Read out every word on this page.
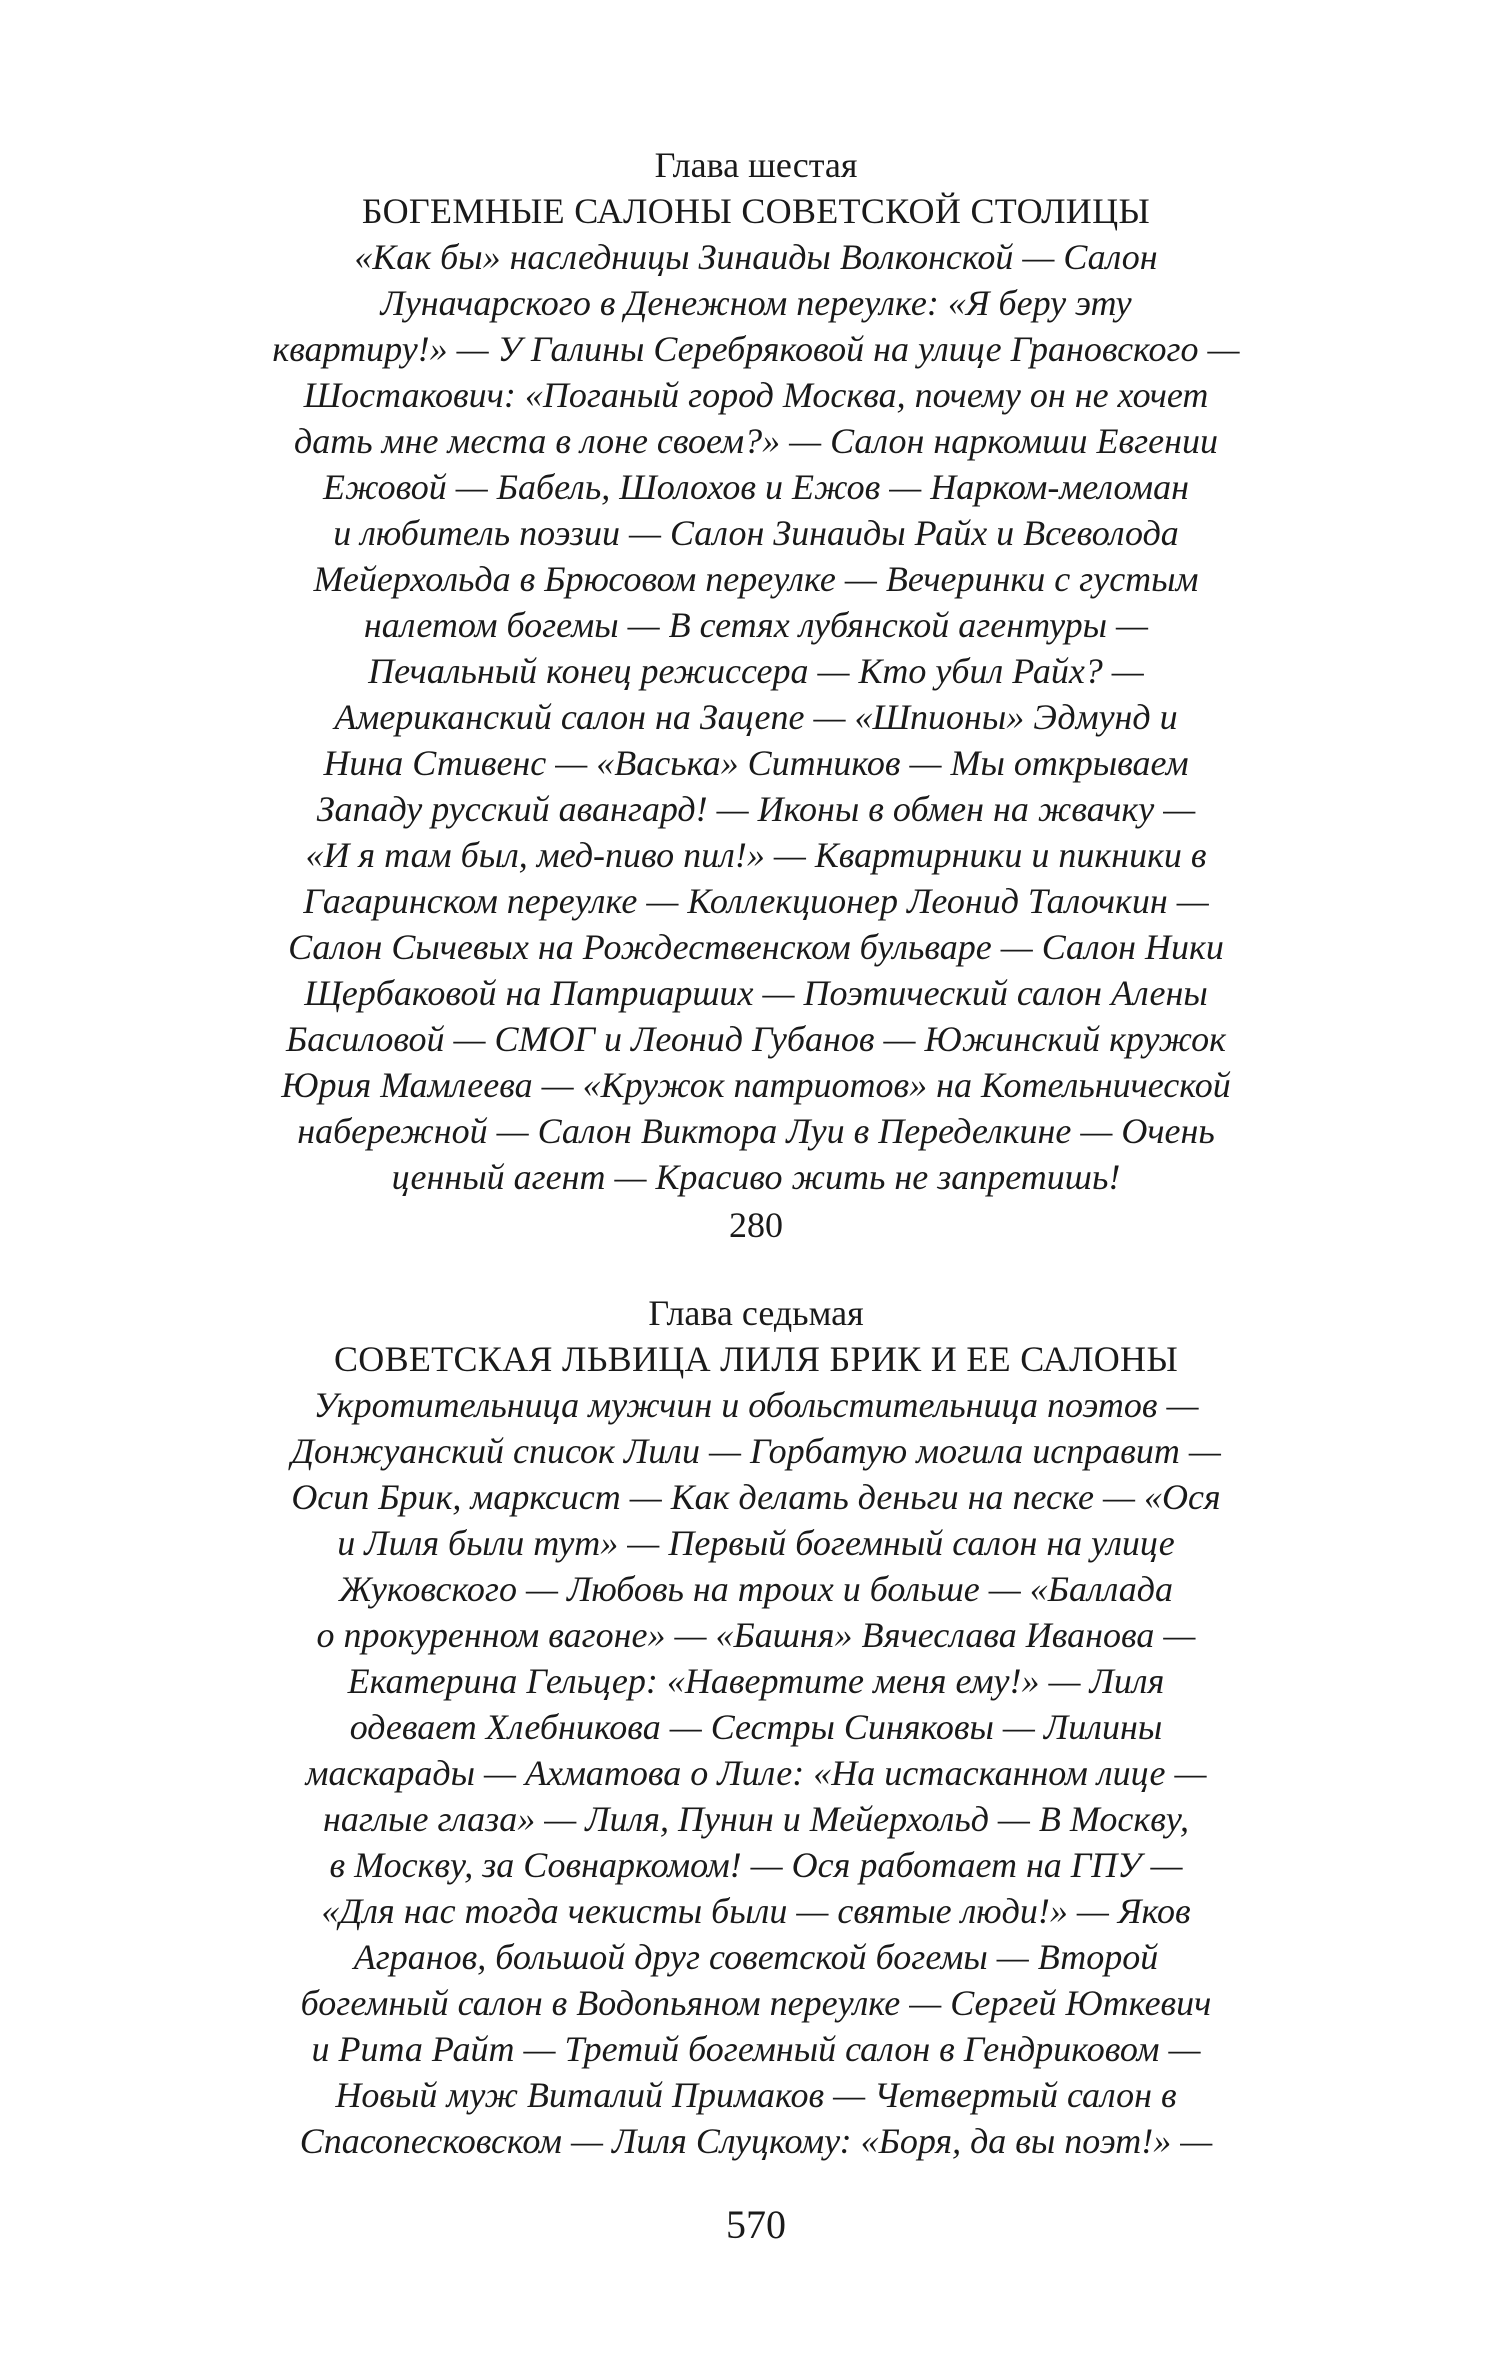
Глава шестая
БОГЕМНЫЕ САЛОНЫ СОВЕТСКОЙ СТОЛИЦЫ
«Как бы» наследницы Зинаиды Волконской — Салон
Луначарского в Денежном переулке: «Я беру эту
квартиру!» — У Галины Серебряковой на улице Грановского —
Шостакович: «Поганый город Москва, почему он не хочет
дать мне места в лоне своем?» — Салон наркомши Евгении
Ежовой — Бабель, Шолохов и Ежов — Нарком-меломан
и любитель поэзии — Салон Зинаиды Райх и Всеволода
Мейерхольда в Брюсовом переулке — Вечеринки с густым
налетом богемы — В сетях лубянской агентуры —
Печальный конец режиссера — Кто убил Райх? —
Американский салон на Зацепе — «Шпионы» Эдмунд и
Нина Стивенс — «Васька» Ситников — Мы открываем
Западу русский авангард! — Иконы в обмен на жвачку —
«И я там был, мед-пиво пил!» — Квартирники и пикники в
Гагаринском переулке — Коллекционер Леонид Талочкин —
Салон Сычевых на Рождественском бульваре — Салон Ники
Щербаковой на Патриарших — Поэтический салон Алены
Басиловой — СМОГ и Леонид Губанов — Южинский кружок
Юрия Мамлеева — «Кружок патриотов» на Котельнической
набережной — Салон Виктора Луи в Переделкине — Очень
ценный агент — Красиво жить не запретишь!
280
Глава седьмая
СОВЕТСКАЯ ЛЬВИЦА ЛИЛЯ БРИК И ЕЕ САЛОНЫ
Укротительница мужчин и обольстительница поэтов —
Донжуанский список Лили — Горбатую могила исправит —
Осип Брик, марксист — Как делать деньги на песке — «Ося
и Лиля были тут» — Первый богемный салон на улице
Жуковского — Любовь на троих и больше — «Баллада
о прокуренном вагоне» — «Башня» Вячеслава Иванова —
Екатерина Гельцер: «Навертите меня ему!» — Лиля
одевает Хлебникова — Сестры Синяковы — Лилины
маскарады — Ахматова о Лиле: «На истасканном лице —
наглые глаза» — Лиля, Пунин и Мейерхольд — В Москву,
в Москву, за Совнаркомом! — Ося работает на ГПУ —
«Для нас тогда чекисты были — святые люди!» — Яков
Агранов, большой друг советской богемы — Второй
богемный салон в Водопьяном переулке — Сергей Юткевич
и Рита Райт — Третий богемный салон в Гендриковом —
Новый муж Виталий Примаков — Четвертый салон в
Спасопесковском — Лиля Слуцкому: «Боря, да вы поэт!» —
570
